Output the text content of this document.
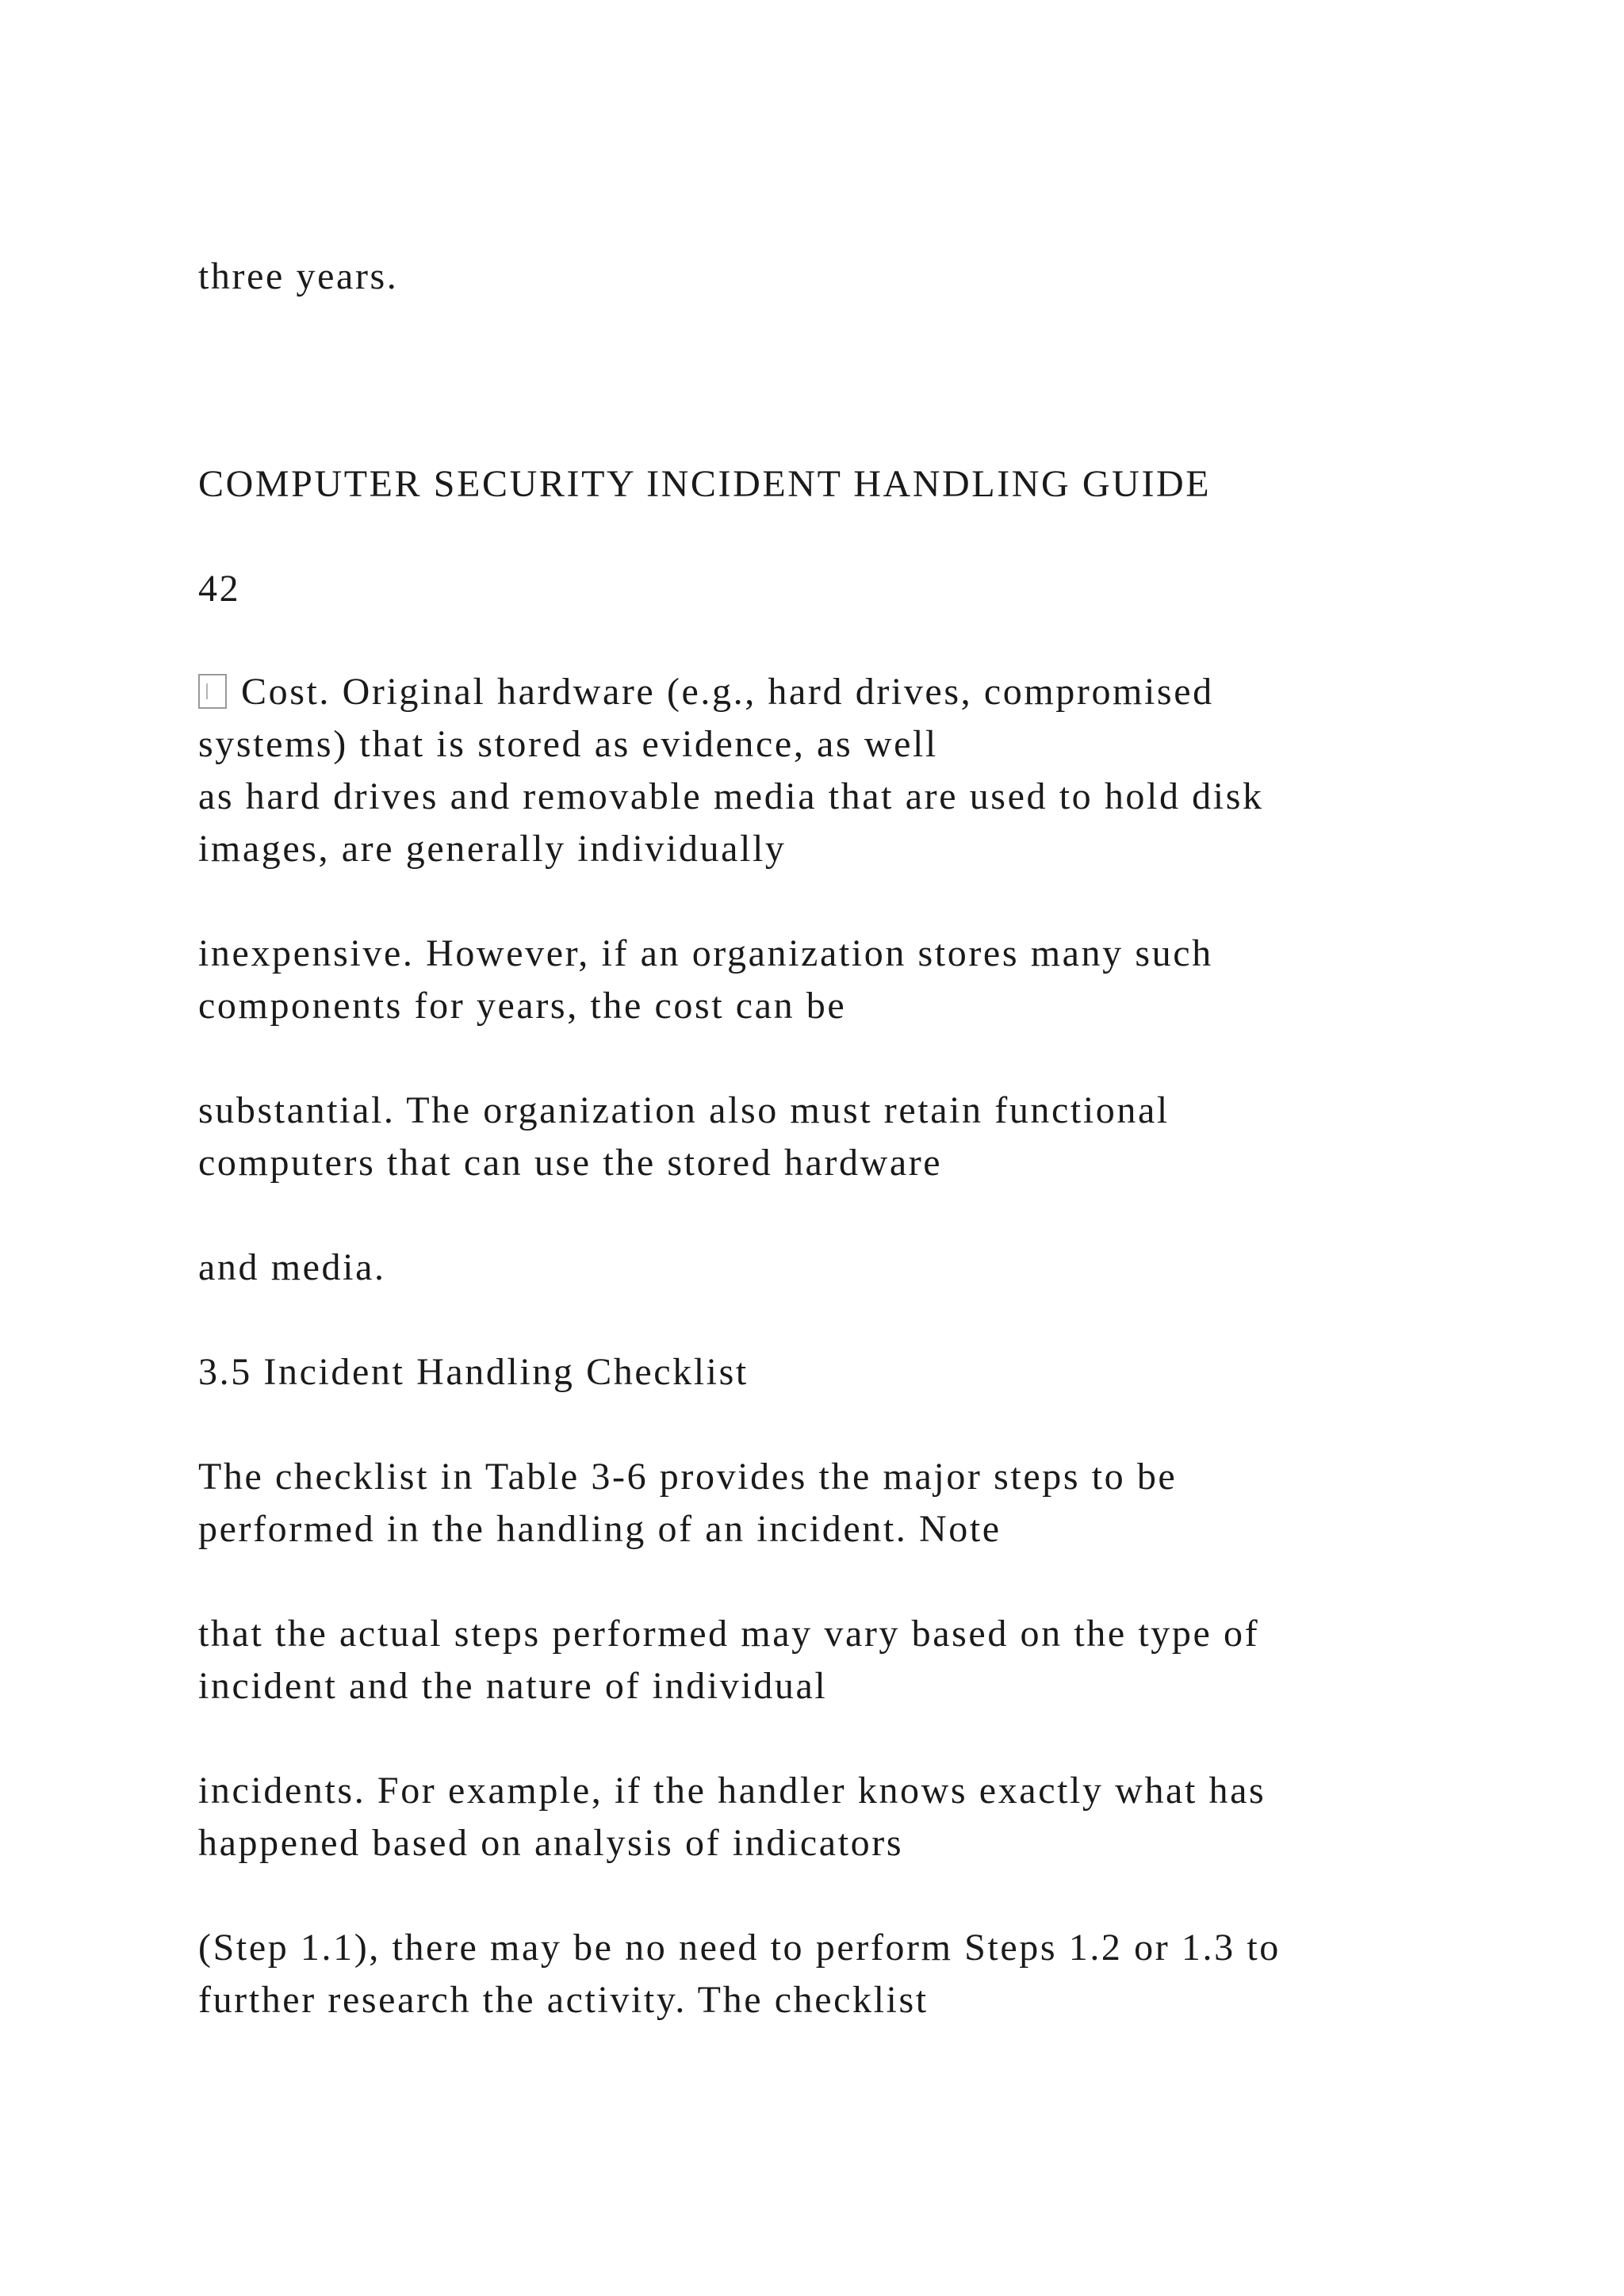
three years.

COMPUTER SECURITY INCIDENT HANDLING GUIDE

42

Cost. Original hardware (e.g., hard drives, compromised

systems) that is stored as evidence, as well

as hard drives and removable media that are used to hold disk

images, are generally individually

inexpensive. However, if an organization stores many such

components for years, the cost can be

substantial. The organization also must retain functional

computers that can use the stored hardware

and media.

3.5 Incident Handling Checklist

The checklist in Table 3-6 provides the major steps to be

performed in the handling of an incident. Note

that the actual steps performed may vary based on the type of

incident and the nature of individual

incidents. For example, if the handler knows exactly what has

happened based on analysis of indicators

(Step 1.1), there may be no need to perform Steps 1.2 or 1.3 to

further research the activity. The checklist
